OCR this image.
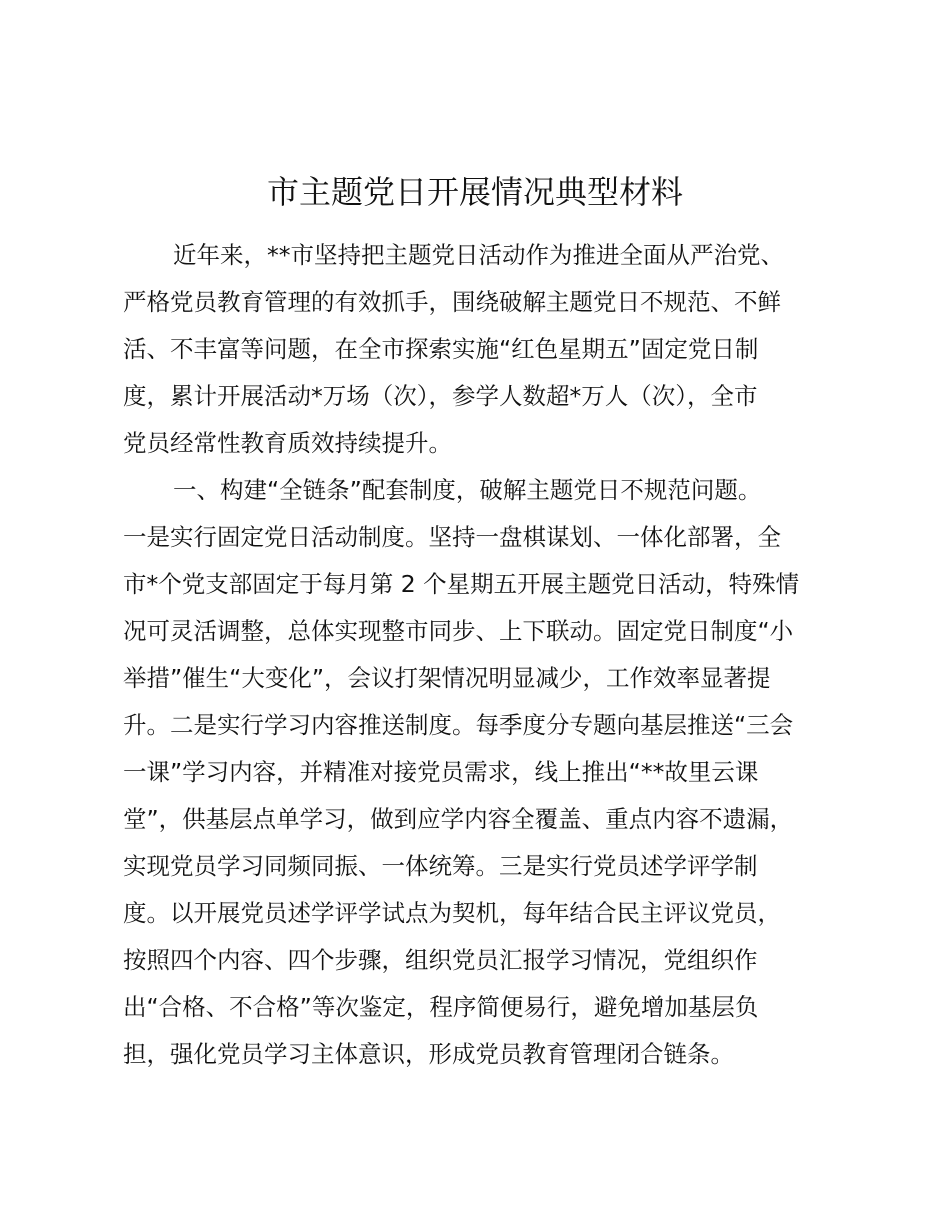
市主题党日开展情况典型材料
近年来，**市坚持把主题党日活动作为推进全面从严治党、
严格党员教育管理的有效抓手，围绕破解主题党日不规范、不鲜
活、不丰富等问题，在全市探索实施“红色星期五”固定党日制
度，累计开展活动*万场（次），参学人数超*万人（次），全市
党员经常性教育质效持续提升。
一、构建“全链条”配套制度，破解主题党日不规范问题。
一是实行固定党日活动制度。坚持一盘棋谋划、一体化部署，全
市*个党支部固定于每月第 2 个星期五开展主题党日活动，特殊情
况可灵活调整，总体实现整市同步、上下联动。固定党日制度“小
举措”催生“大变化”，会议打架情况明显减少，工作效率显著提
升。二是实行学习内容推送制度。每季度分专题向基层推送“三会
一课”学习内容，并精准对接党员需求，线上推出“**故里云课
堂”，供基层点单学习，做到应学内容全覆盖、重点内容不遗漏，
实现党员学习同频同振、一体统筹。三是实行党员述学评学制
度。以开展党员述学评学试点为契机，每年结合民主评议党员，
按照四个内容、四个步骤，组织党员汇报学习情况，党组织作
出“合格、不合格”等次鉴定，程序简便易行，避免增加基层负
担，强化党员学习主体意识，形成党员教育管理闭合链条。
